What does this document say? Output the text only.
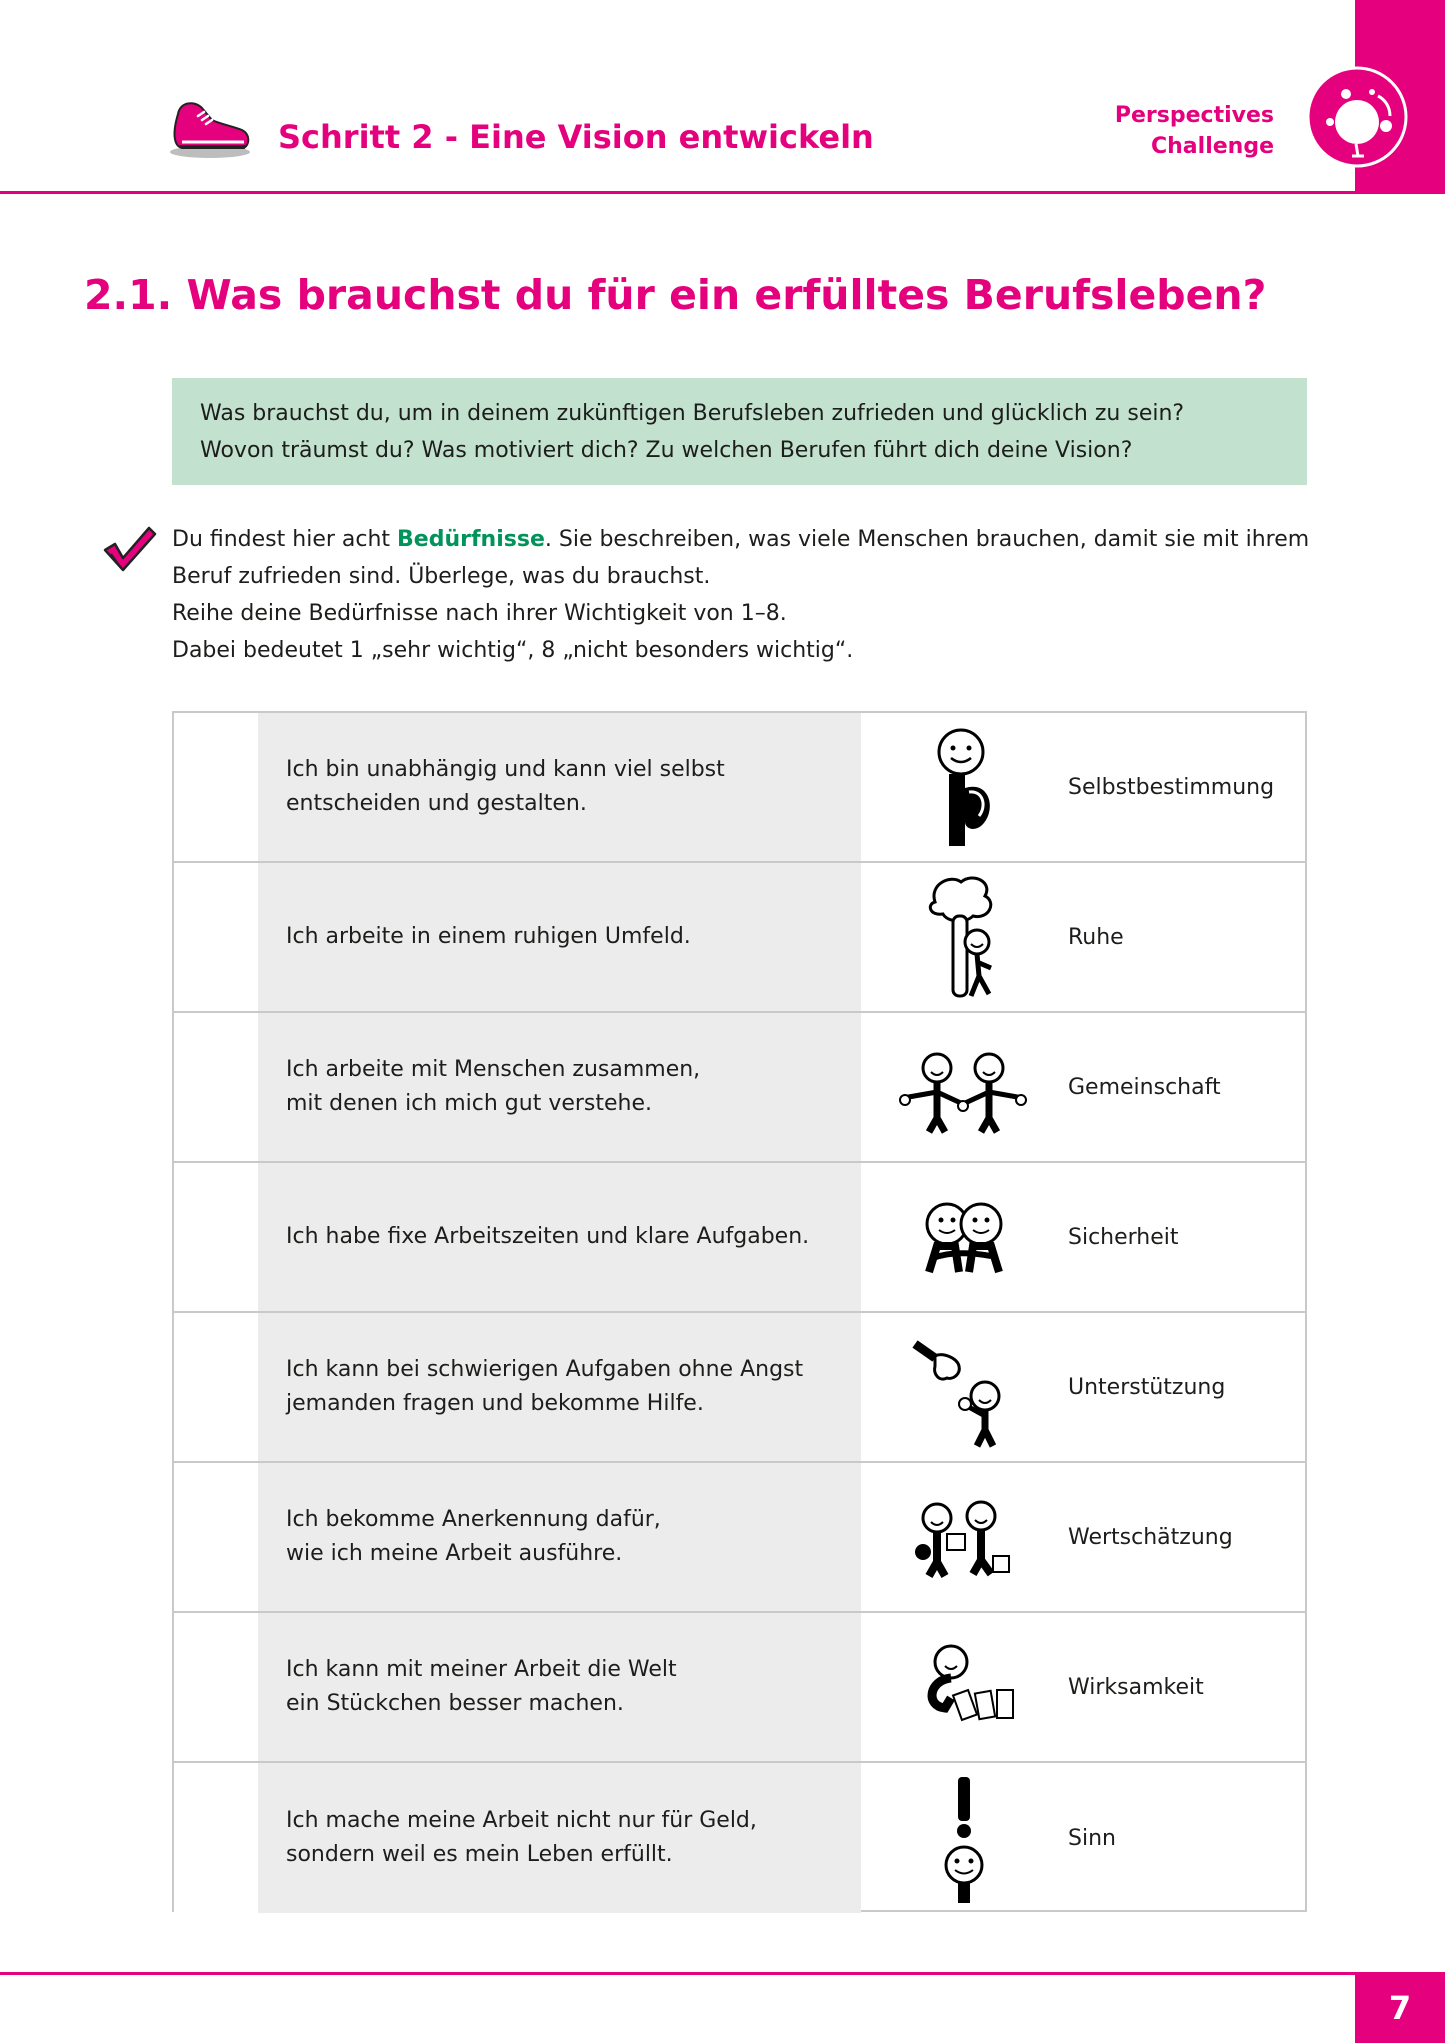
Schritt 2 - Eine Vision entwickeln
Perspectives
Challenge
2.1. Was brauchst du für ein erfülltes Berufsleben?
Was brauchst du, um in deinem zukünftigen Berufsleben zufrieden und glücklich zu sein?
Wovon träumst du? Was motiviert dich? Zu welchen Berufen führt dich deine Vision?
Du findest hier acht Bedürfnisse. Sie beschreiben, was viele Menschen brauchen, damit sie mit ihrem
Beruf zufrieden sind. Überlege, was du brauchst.
Reihe deine Bedürfnisse nach ihrer Wichtigkeit von 1–8.
Dabei bedeutet 1 „sehr wichtig“, 8 „nicht besonders wichtig“.
Ich bin unabhängig und kann viel selbst
entscheiden und gestalten.
Selbstbestimmung
Ich arbeite in einem ruhigen Umfeld.	Ruhe
Ich arbeite mit Menschen zusammen,
mit denen ich mich gut verstehe.
Gemeinschaft
Ich habe fixe Arbeitszeiten und klare Aufgaben.	Sicherheit
Ich kann bei schwierigen Aufgaben ohne Angst
jemanden fragen und bekomme Hilfe.
Unterstützung
Ich bekomme Anerkennung dafür,
wie ich meine Arbeit ausführe.
Wertschätzung
Ich kann mit meiner Arbeit die Welt
ein Stückchen besser machen.
Wirksamkeit
Ich mache meine Arbeit nicht nur für Geld,
sondern weil es mein Leben erfüllt.
Sinn
7
